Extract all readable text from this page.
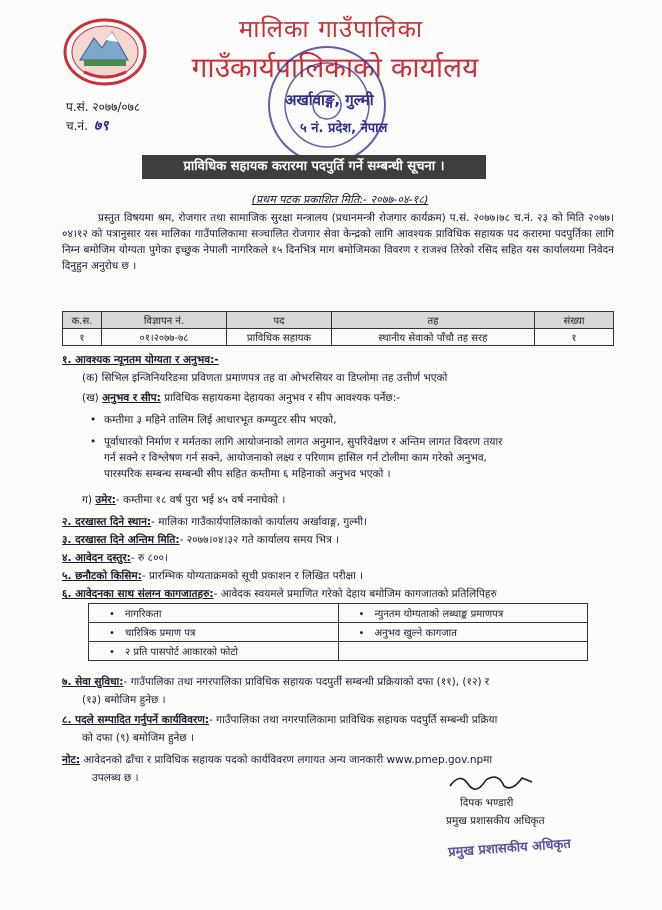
मालिका गाउँपालिका
गाउँकार्यपालिकाको कार्यालय
अर्खावाङ्ग, गुल्मी
५ नं. प्रदेश, नेपाल
प.सं. २०७७/०७८
च.नं. ७९
प्राविधिक सहायक करारमा पदपुर्ति गर्ने सम्बन्धी सूचना ।
(प्रथम पटक प्रकाशित मिति:- २०७७-०४-१८)
प्रस्तुत विषयमा श्रम, रोजगार तथा सामाजिक सुरक्षा मन्त्रालय (प्रधानमन्त्री रोजगार कार्यक्रम) प.सं. २०७७।७८ च.नं. २३ को मिति २०७७।०४।१२ को पत्रानुसार यस मालिका गाउँपालिकामा सञ्चालित रोजगार सेवा केन्द्रको लागि आवश्यक प्राविधिक सहायक पद करारमा पदपुर्तिका लागि निम्न बमोजिम योग्यता पुगेका इच्छुक नेपाली नागरिकले १५ दिनभित्र माग बमोजिमका विवरण र राजश्व तिरेको रसिद सहित यस कार्यालयमा निवेदन दिनुहुन अनुरोध छ ।
क.स.	विज्ञापन नं.	पद	तह	संख्या
१	०१।२०७७-७८	प्राविधिक सहायक	स्थानीय सेवाको पाँचौ तह सरह	१
१. आवश्यक न्यूनतम योग्यता र अनुभव:-
(क) सिभिल इन्जिनियरिङमा प्रविणता प्रमाणपत्र तह वा ओभरसियर वा डिप्लोमा तह उत्तीर्ण भएको
(ख) अनुभव र सीप: प्राविधिक सहायकमा देहायका अनुभव र सीप आवश्यक पर्नेछ:-
• कम्तीमा ३ महिने तालिम लिई आधारभूत कम्प्युटर सीप भएको,
• पूर्वाधारको निर्माण र मर्मतका लागि आयोजनाको लागत अनुमान, सुपरिवेक्षण र अन्तिम लागत विवरण तयार
गर्न सक्ने र विश्लेषण गर्न सक्ने, आयोजनाको लक्ष्य र परिणाम हासिल गर्न टोलीमा काम गरेको अनुभव,
पारस्परिक सम्बन्ध सम्बन्धी सीप सहित कम्तीमा ६ महिनाको अनुभव भएको ।
ग) उमेर:- कम्तीमा १८ वर्ष पुरा भई ४५ वर्ष ननाघेको ।
२. दरखास्त दिने स्थान:- मालिका गाउँकार्यपालिकाको कार्यालय अर्खावाङ्ग, गुल्मी।
३. दरखास्त दिने अन्तिम मिति:- २०७७।०४।३२ गते कार्यालय समय भित्र ।
४. आवेदन दस्तुर:- रु ८००।
५. छनौटको किसिम:- प्रारम्भिक योग्यताक्रमको सूची प्रकाशन र लिखित परीक्षा ।
६. आवेदनका साथ संलग्न कागजातहरु:- आवेदक स्वयमले प्रमाणित गरेको देहाय बमोजिम कागजातको प्रतिलिपिहरु
• नागरिकता	• न्युनतम योग्यताको लब्धाङ्क प्रमाणपत्र
• चारित्रिक प्रमाण पत्र	• अनुभव खुल्ने कागजात
• २ प्रति पासपोर्ट आकारको फोटो	
७. सेवा सुविधा:- गाउँपालिका तथा नगरपालिका प्राविधिक सहायक पदपुर्ती सम्बन्धी प्रक्रियाको दफा (११), (१२) र
(१३) बमोजिम हुनेछ ।
८. पदले सम्पादित गर्नुपर्ने कार्यविवरण:- गाउँपालिका तथा नगरपालिकामा प्राविधिक सहायक पदपुर्ति सम्बन्धी प्रक्रिया
को दफा (९) बमोजिम हुनेछ ।
नोट: आवेदनको ढाँचा र प्राविधिक सहायक पदको कार्यविवरण लगायत अन्य जानकारी www.pmep.gov.npमा
उपलब्ध छ ।
दिपक भण्डारी
प्रमुख प्रशासकीय अधिकृत
प्रमुख प्रशासकीय अधिकृत
